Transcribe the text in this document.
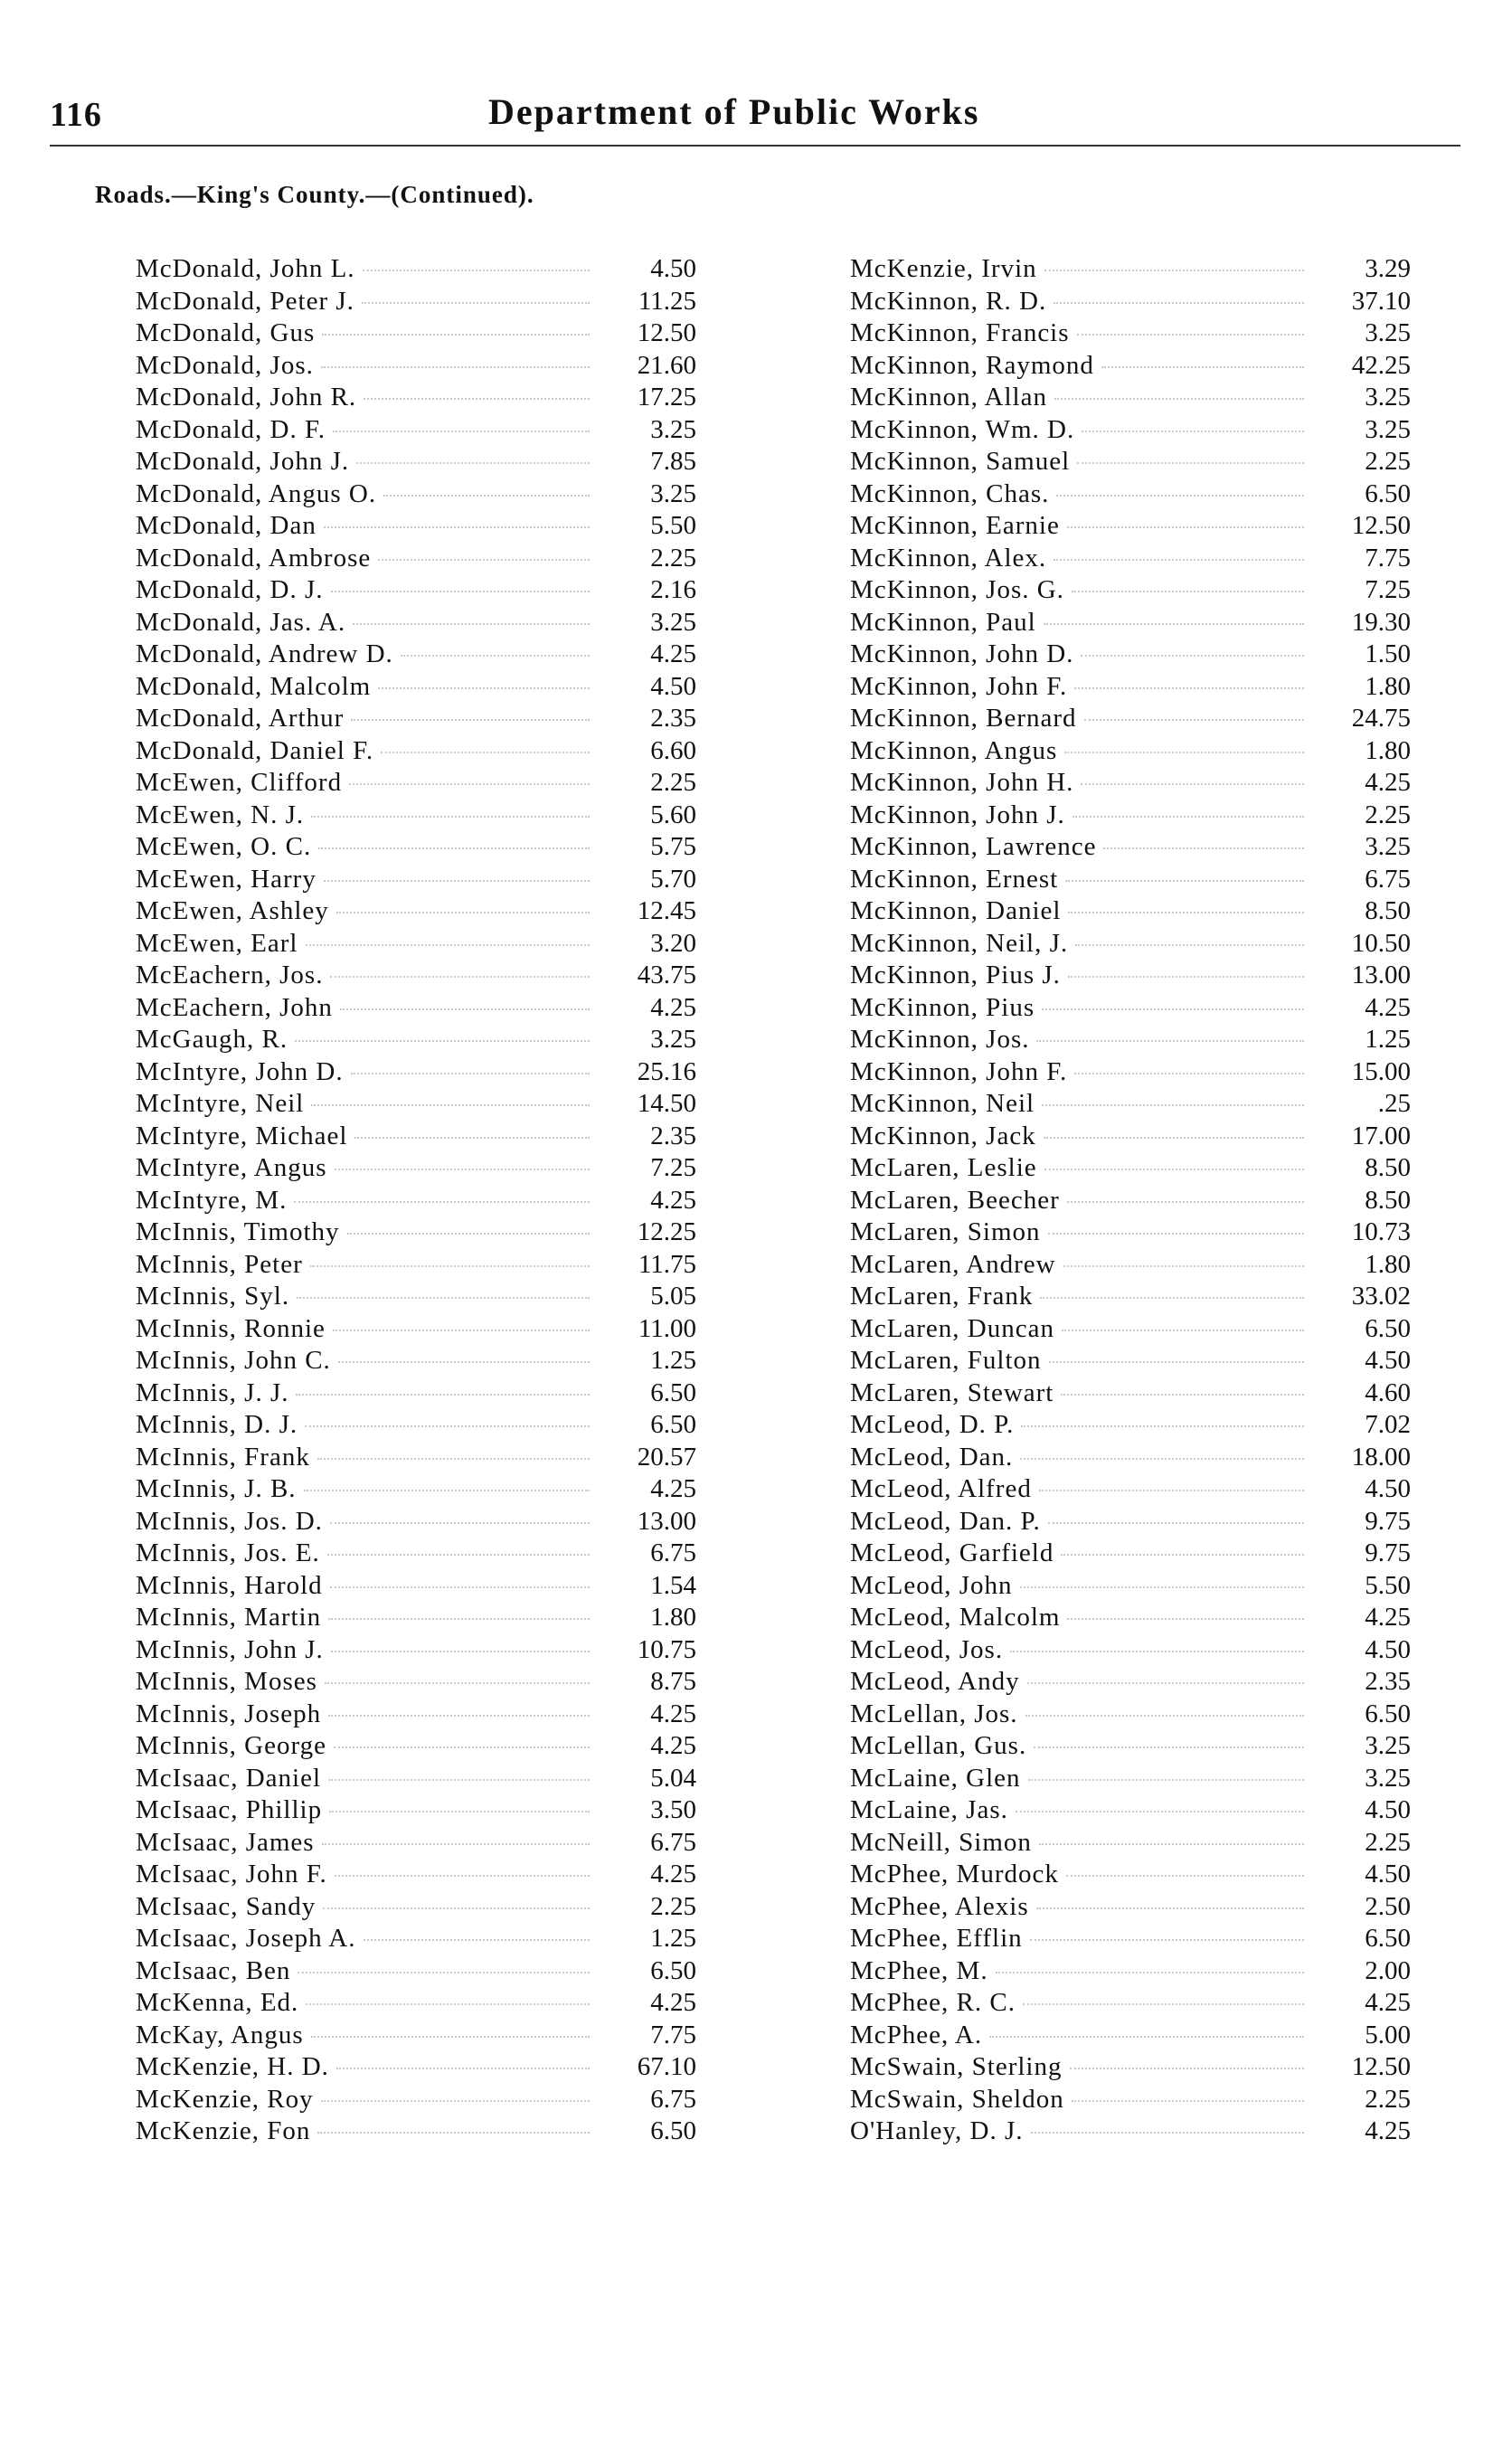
116	Department of Public Works
Roads.—King's County.—(Continued).
McDonald, John L.	4.50
McDonald, Peter J.	11.25
McDonald, Gus	12.50
McDonald, Jos.	21.60
McDonald, John R.	17.25
McDonald, D. F.	3.25
McDonald, John J.	7.85
McDonald, Angus O.	3.25
McDonald, Dan	5.50
McDonald, Ambrose	2.25
McDonald, D. J.	2.16
McDonald, Jas. A.	3.25
McDonald, Andrew D.	4.25
McDonald, Malcolm	4.50
McDonald, Arthur	2.35
McDonald, Daniel F.	6.60
McEwen, Clifford	2.25
McEwen, N. J.	5.60
McEwen, O. C.	5.75
McEwen, Harry	5.70
McEwen, Ashley	12.45
McEwen, Earl	3.20
McEachern, Jos.	43.75
McEachern, John	4.25
McGaugh, R.	3.25
McIntyre, John D.	25.16
McIntyre, Neil	14.50
McIntyre, Michael	2.35
McIntyre, Angus	7.25
McIntyre, M.	4.25
McInnis, Timothy	12.25
McInnis, Peter	11.75
McInnis, Syl.	5.05
McInnis, Ronnie	11.00
McInnis, John C.	1.25
McInnis, J. J.	6.50
McInnis, D. J.	6.50
McInnis, Frank	20.57
McInnis, J. B.	4.25
McInnis, Jos. D.	13.00
McInnis, Jos. E.	6.75
McInnis, Harold	1.54
McInnis, Martin	1.80
McInnis, John J.	10.75
McInnis, Moses	8.75
McInnis, Joseph	4.25
McInnis, George	4.25
McIsaac, Daniel	5.04
McIsaac, Phillip	3.50
McIsaac, James	6.75
McIsaac, John F.	4.25
McIsaac, Sandy	2.25
McIsaac, Joseph A.	1.25
McIsaac, Ben	6.50
McKenna, Ed.	4.25
McKay, Angus	7.75
McKenzie, H. D.	67.10
McKenzie, Roy	6.75
McKenzie, Fon	6.50
McKenzie, Irvin	3.29
McKinnon, R. D.	37.10
McKinnon, Francis	3.25
McKinnon, Raymond	42.25
McKinnon, Allan	3.25
McKinnon, Wm. D.	3.25
McKinnon, Samuel	2.25
McKinnon, Chas.	6.50
McKinnon, Earnie	12.50
McKinnon, Alex.	7.75
McKinnon, Jos. G.	7.25
McKinnon, Paul	19.30
McKinnon, John D.	1.50
McKinnon, John F.	1.80
McKinnon, Bernard	24.75
McKinnon, Angus	1.80
McKinnon, John H.	4.25
McKinnon, John J.	2.25
McKinnon, Lawrence	3.25
McKinnon, Ernest	6.75
McKinnon, Daniel	8.50
McKinnon, Neil, J.	10.50
McKinnon, Pius J.	13.00
McKinnon, Pius	4.25
McKinnon, Jos.	1.25
McKinnon, John F.	15.00
McKinnon, Neil	.25
McKinnon, Jack	17.00
McLaren, Leslie	8.50
McLaren, Beecher	8.50
McLaren, Simon	10.73
McLaren, Andrew	1.80
McLaren, Frank	33.02
McLaren, Duncan	6.50
McLaren, Fulton	4.50
McLaren, Stewart	4.60
McLeod, D. P.	7.02
McLeod, Dan.	18.00
McLeod, Alfred	4.50
McLeod, Dan. P.	9.75
McLeod, Garfield	9.75
McLeod, John	5.50
McLeod, Malcolm	4.25
McLeod, Jos.	4.50
McLeod, Andy	2.35
McLellan, Jos.	6.50
McLellan, Gus.	3.25
McLaine, Glen	3.25
McLaine, Jas.	4.50
McNeill, Simon	2.25
McPhee, Murdock	4.50
McPhee, Alexis	2.50
McPhee, Efflin	6.50
McPhee, M.	2.00
McPhee, R. C.	4.25
McPhee, A.	5.00
McSwain, Sterling	12.50
McSwain, Sheldon	2.25
O'Hanley, D. J.	4.25
